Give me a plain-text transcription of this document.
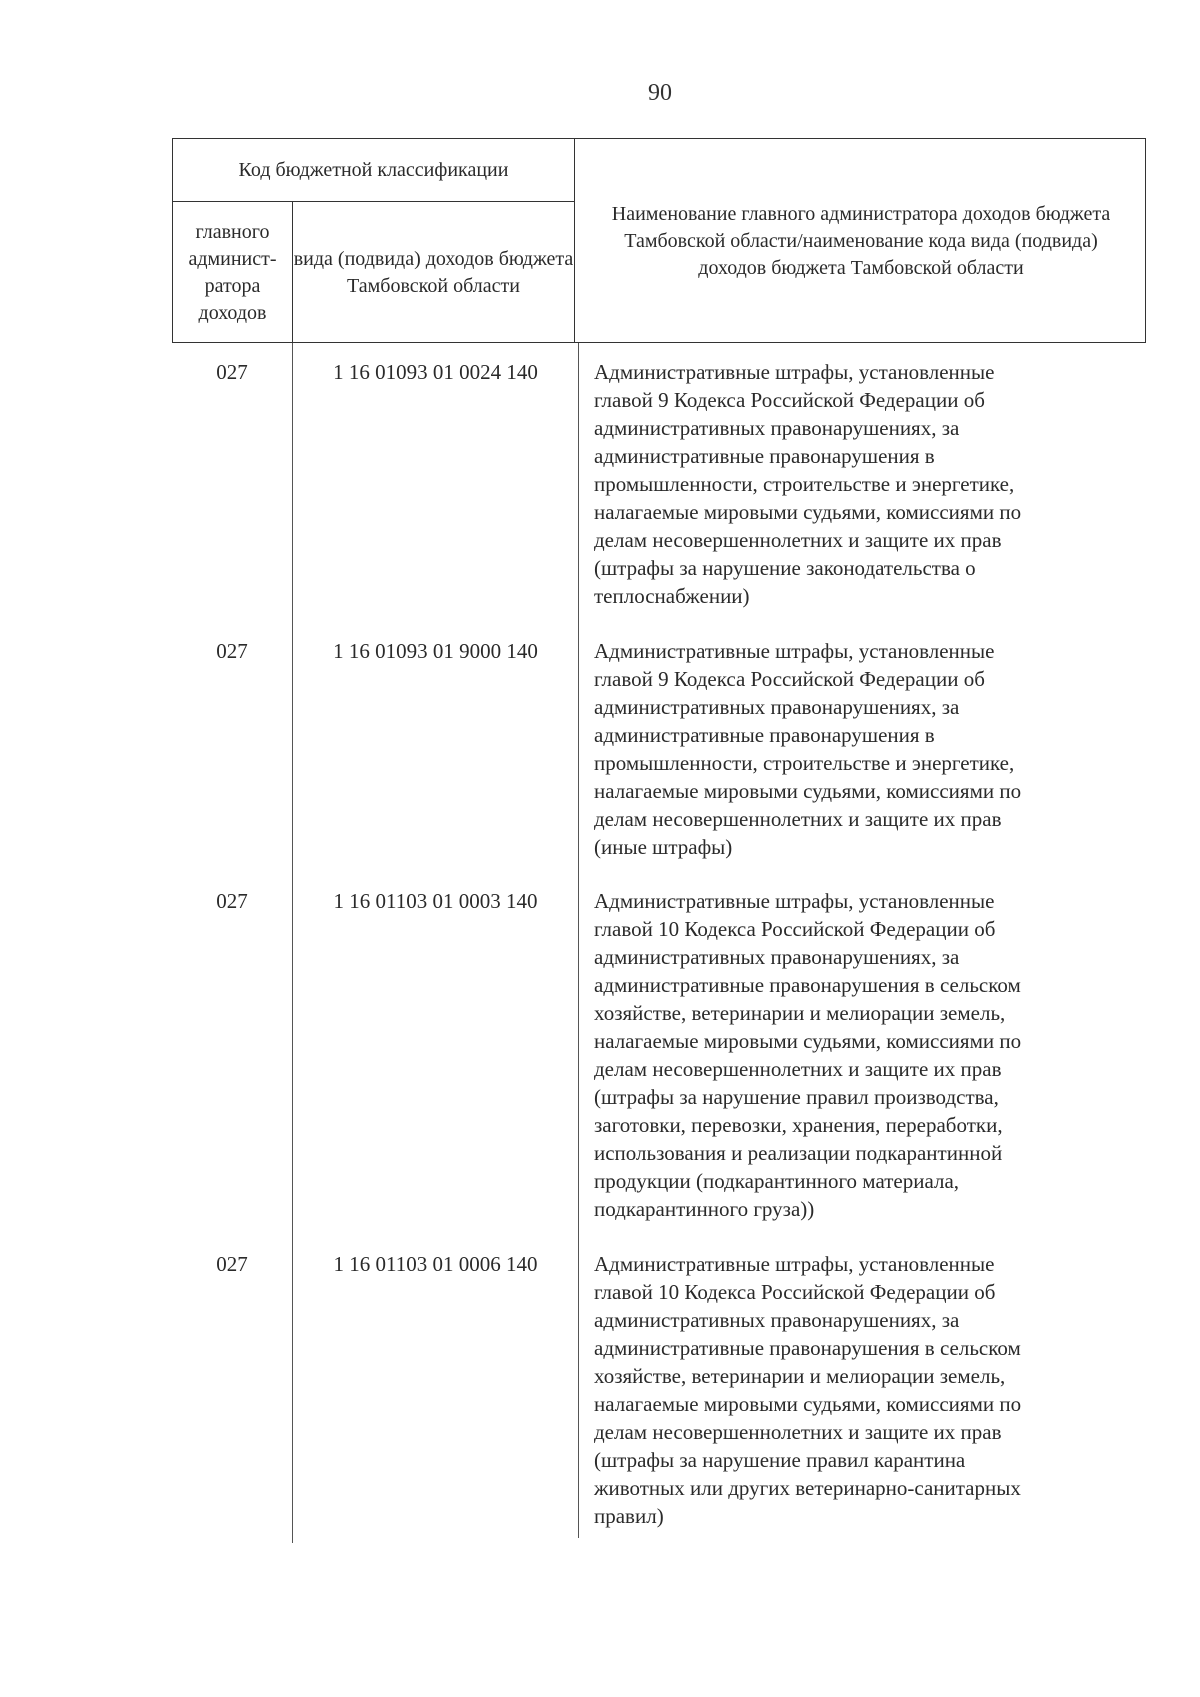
90
Код бюджетной классификации
главного админист-
ратора доходов
вида (подвида) доходов бюджета Тамбовской области
Наименование главного администратора доходов бюджета Тамбовской области/наименование кода вида (подвида) доходов бюджета Тамбовской области
027	1 16 01093 01 0024 140	Административные штрафы, установленные
главой 9 Кодекса Российской Федерации об
административных правонарушениях, за
административные правонарушения в
промышленности, строительстве и энергетике,
налагаемые мировыми судьями, комиссиями по
делам несовершеннолетних и защите их прав
(штрафы за нарушение законодательства о
теплоснабжении)
027	1 16 01093 01 9000 140	Административные штрафы, установленные
главой 9 Кодекса Российской Федерации об
административных правонарушениях, за
административные правонарушения в
промышленности, строительстве и энергетике,
налагаемые мировыми судьями, комиссиями по
делам несовершеннолетних и защите их прав
(иные штрафы)
027	1 16 01103 01 0003 140	Административные штрафы, установленные
главой 10 Кодекса Российской Федерации об
административных правонарушениях, за
административные правонарушения в сельском
хозяйстве, ветеринарии и мелиорации земель,
налагаемые мировыми судьями, комиссиями по
делам несовершеннолетних и защите их прав
(штрафы за нарушение правил производства,
заготовки, перевозки, хранения, переработки,
использования и реализации подкарантинной
продукции (подкарантинного материала,
подкарантинного груза))
027	1 16 01103 01 0006 140	Административные штрафы, установленные
главой 10 Кодекса Российской Федерации об
административных правонарушениях, за
административные правонарушения в сельском
хозяйстве, ветеринарии и мелиорации земель,
налагаемые мировыми судьями, комиссиями по
делам несовершеннолетних и защите их прав
(штрафы за нарушение правил карантина
животных или других ветеринарно-санитарных
правил)
